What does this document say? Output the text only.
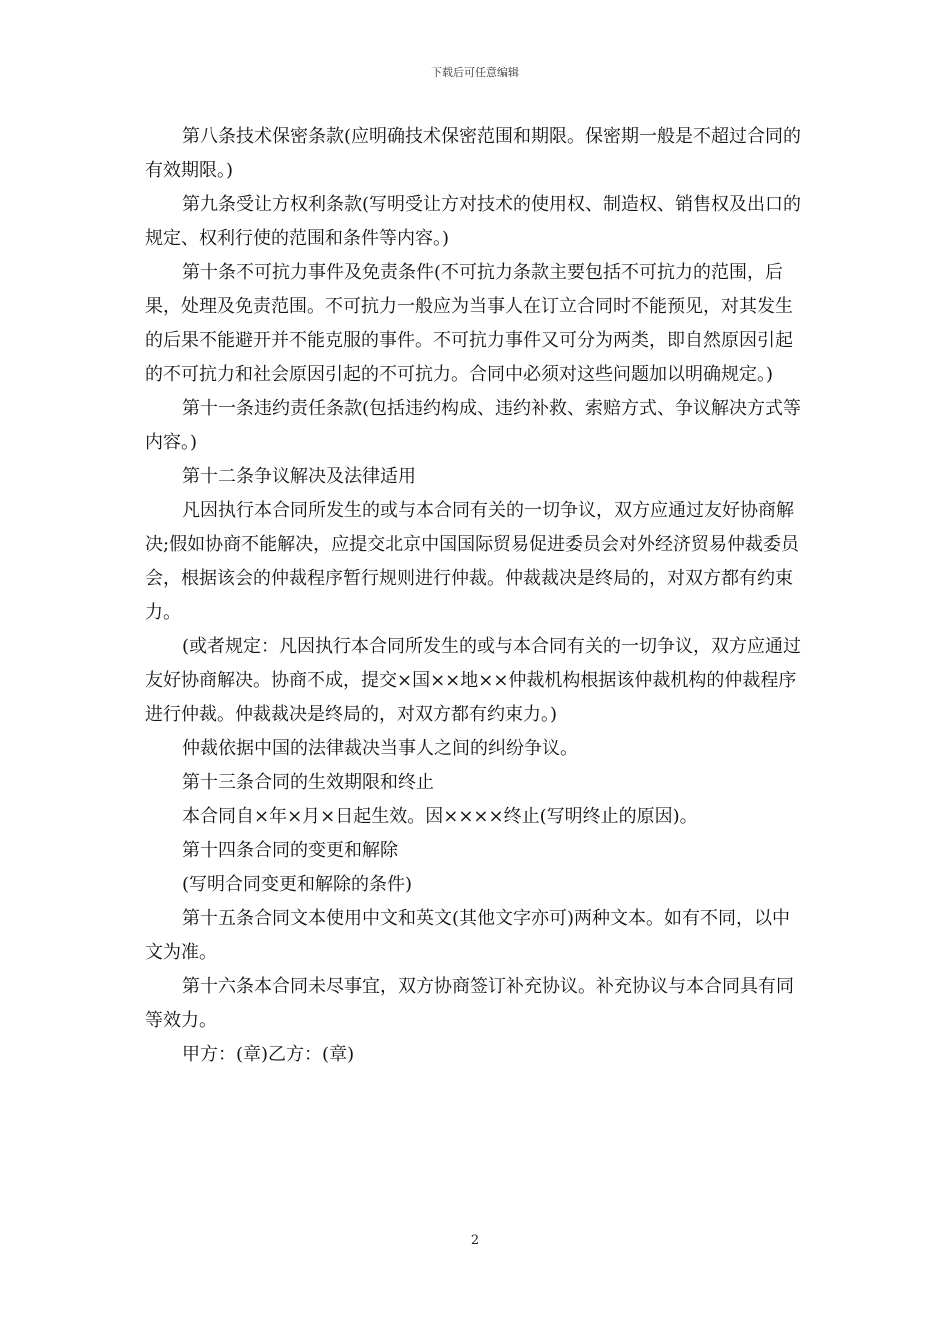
下载后可任意编辑

第八条技术保密条款(应明确技术保密范围和期限。保密期一般是不超过合同的有效期限。)

第九条受让方权利条款(写明受让方对技术的使用权、制造权、销售权及出口的规定、权利行使的范围和条件等内容。)

第十条不可抗力事件及免责条件(不可抗力条款主要包括不可抗力的范围，后果，处理及免责范围。不可抗力一般应为当事人在订立合同时不能预见，对其发生的后果不能避开并不能克服的事件。不可抗力事件又可分为两类，即自然原因引起的不可抗力和社会原因引起的不可抗力。合同中必须对这些问题加以明确规定。)

第十一条违约责任条款(包括违约构成、违约补救、索赔方式、争议解决方式等内容。)

第十二条争议解决及法律适用

凡因执行本合同所发生的或与本合同有关的一切争议，双方应通过友好协商解决;假如协商不能解决，应提交北京中国国际贸易促进委员会对外经济贸易仲裁委员会，根据该会的仲裁程序暂行规则进行仲裁。仲裁裁决是终局的，对双方都有约束力。

(或者规定：凡因执行本合同所发生的或与本合同有关的一切争议，双方应通过友好协商解决。协商不成，提交×国××地××仲裁机构根据该仲裁机构的仲裁程序进行仲裁。仲裁裁决是终局的，对双方都有约束力。)

仲裁依据中国的法律裁决当事人之间的纠纷争议。

第十三条合同的生效期限和终止

本合同自×年×月×日起生效。因××××终止(写明终止的原因)。

第十四条合同的变更和解除

(写明合同变更和解除的条件)

第十五条合同文本使用中文和英文(其他文字亦可)两种文本。如有不同，以中文为准。

第十六条本合同未尽事宜，双方协商签订补充协议。补充协议与本合同具有同等效力。

甲方：(章)乙方：(章)

2
